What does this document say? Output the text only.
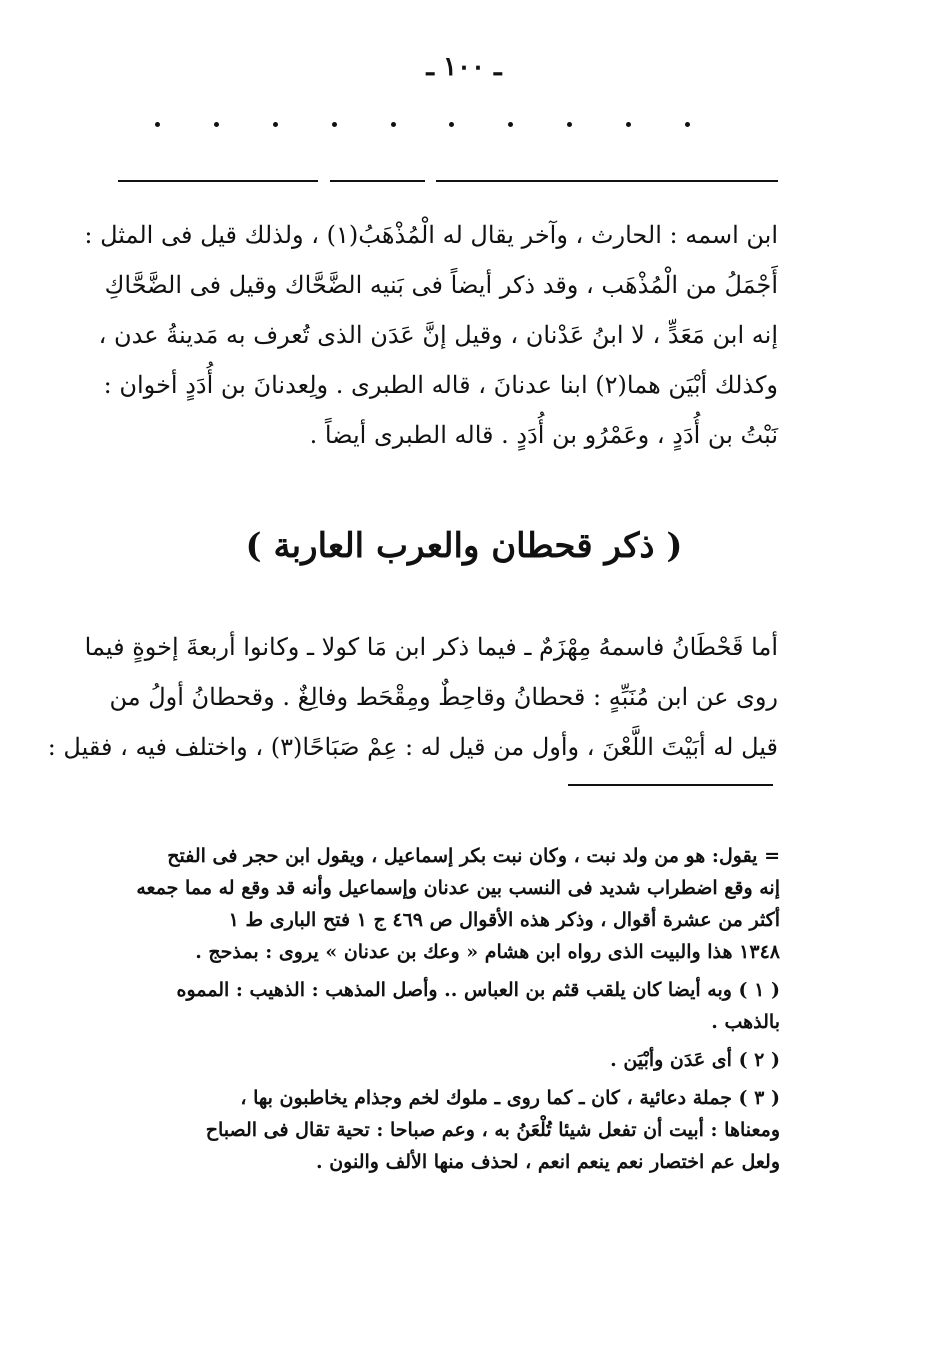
ـ ١٠٠ ـ

ابن اسمه : الحارث ، وآخر يقال له الْمُذْهَبُ(١) ، ولذلك قيل فى المثل :

أَجْمَلُ من الْمُذْهَب ، وقد ذكر أيضاً فى بَنيه الضَّحَّاك وقيل فى الضَّحَّاكِ

إنه ابن مَعَدٍّ ، لا ابنُ عَدْنان ، وقيل إنَّ عَدَن الذى تُعرف به مَدينةُ عدن ،

وكذلك أبْيَن هما(٢) ابنا عدنانَ ، قاله الطبرى . ولِعدنانَ بن أُدَدٍ أخوان :

نَبْتُ بن أُدَدٍ ، وعَمْرُو بن أُدَدٍ . قاله الطبرى أيضاً .

( ذكر قحطان والعرب العاربة )

أما قَحْطَانُ فاسمهُ مِهْزَمٌ ـ فيما ذكر ابن مَا كولا ـ وكانوا أربعةَ إخوةٍ فيما

روى عن ابن مُنَبِّهٍ : قحطانُ وقاحِطٌ ومِقْحَط وفالِغٌ . وقحطانُ أولُ من

قيل له أبَيْتَ اللَّعْنَ ، وأول من قيل له : عِمْ صَبَاحًا(٣) ، واختلف فيه ، فقيل :

= يقول: هو من ولد نبت ، وكان نبت بكر إسماعيل ، ويقول ابن حجر فى الفتح

إنه وقع اضطراب شديد فى النسب بين عدنان وإسماعيل وأنه قد وقع له مما جمعه

أكثر من عشرة أقوال ، وذكر هذه الأقوال ص ٤٦٩ ج ١ فتح البارى ط ١

١٣٤٨ هذا والبيت الذى رواه ابن هشام « وعك بن عدنان » يروى : بمذحج .

( ١ ) وبه أيضا كان يلقب قثم بن العباس .. وأصل المذهب : الذهيب : المموه

بالذهب .

( ٢ ) أى عَدَن وأبْيَن .

( ٣ ) جملة دعائية ، كان ـ كما روى ـ ملوك لخم وجذام يخاطبون بها ،

ومعناها : أبيت أن تفعل شيئا تُلْعَنُ به ، وعم صباحا : تحية تقال فى الصباح

ولعل عم اختصار نعم ينعم انعم ، لحذف منها الألف والنون .
